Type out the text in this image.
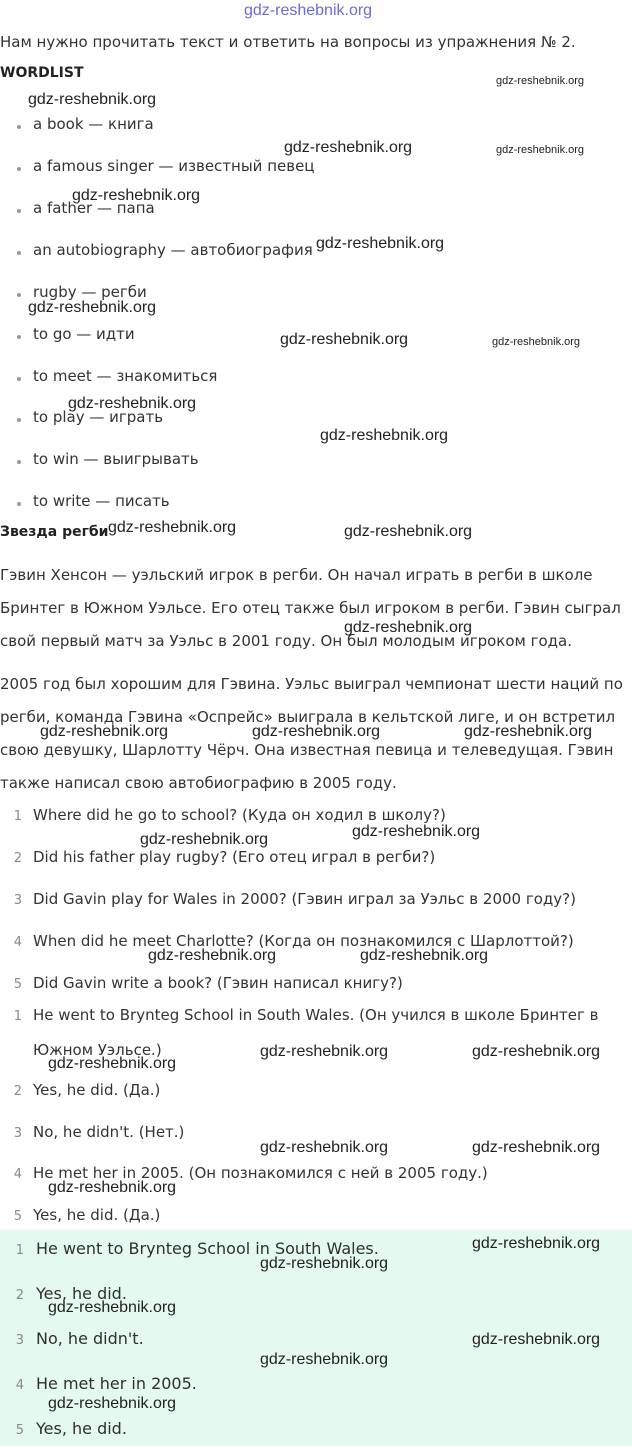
gdz-reshebnik.org
Нам нужно прочитать текст и ответить на вопросы из упражнения № 2.
WORDLIST
a book — книга
a famous singer — известный певец
a father — папа
an autobiography — автобиография
rugby — регби
to go — идти
to meet — знакомиться
to play — играть
to win — выигрывать
to write — писать
Звезда регби
Гэвин Хенсон — уэльский игрок в регби. Он начал играть в регби в школе
Бринтег в Южном Уэльсе. Его отец также был игроком в регби. Гэвин сыграл
свой первый матч за Уэльс в 2001 году. Он был молодым игроком года.
2005 год был хорошим для Гэвина. Уэльс выиграл чемпионат шести наций по
регби, команда Гэвина «Оспрейс» выиграла в кельтской лиге, и он встретил
свою девушку, Шарлотту Чёрч. Она известная певица и телеведущая. Гэвин
также написал свою автобиографию в 2005 году.
1 Where did he go to school? (Куда он ходил в школу?)
2 Did his father play rugby? (Его отец играл в регби?)
3 Did Gavin play for Wales in 2000? (Гэвин играл за Уэльс в 2000 году?)
4 When did he meet Charlotte? (Когда он познакомился с Шарлоттой?)
5 Did Gavin write a book? (Гэвин написал книгу?)
1 He went to Brynteg School in South Wales. (Он учился в школе Бринтег в
Южном Уэльсе.)
2 Yes, he did. (Да.)
3 No, he didn't. (Нет.)
4 He met her in 2005. (Он познакомился с ней в 2005 году.)
5 Yes, he did. (Да.)
1 He went to Brynteg School in South Wales.
2 Yes, he did.
3 No, he didn't.
4 He met her in 2005.
5 Yes, he did.
gdz-reshebnik.org
gdz-reshebnik.org
gdz-reshebnik.org	gdz-reshebnik.org
gdz-reshebnik.org
gdz-reshebnik.org
gdz-reshebnik.org
gdz-reshebnik.org	gdz-reshebnik.org
gdz-reshebnik.org
gdz-reshebnik.org
gdz-reshebnik.org	gdz-reshebnik.org
gdz-reshebnik.org
gdz-reshebnik.org	gdz-reshebnik.org	gdz-reshebnik.org
gdz-reshebnik.org
gdz-reshebnik.org
gdz-reshebnik.org	gdz-reshebnik.org
gdz-reshebnik.org	gdz-reshebnik.org
gdz-reshebnik.org
gdz-reshebnik.org	gdz-reshebnik.org
gdz-reshebnik.org
gdz-reshebnik.org
gdz-reshebnik.org
gdz-reshebnik.org
gdz-reshebnik.org
gdz-reshebnik.org
gdz-reshebnik.org
